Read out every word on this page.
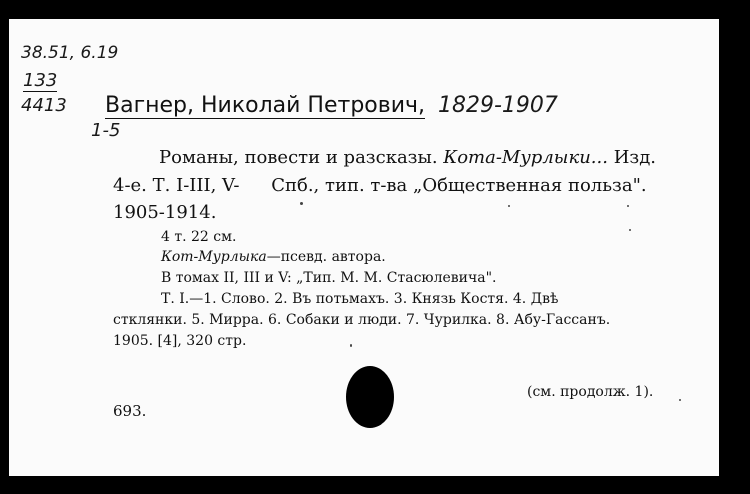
38.51, 6.19
133
4413
1-5
Вагнер, Николай Петрович, 1829-1907
Романы, повести и разсказы. Кота-Мурлыки... Изд.
4-е. Т. I-III, V- Спб., тип. т-ва „Общественная польза".
1905-1914.
4 т. 22 см.
Кот-Мурлыка—псевд. автора.
В томах II, III и V: „Тип. М. М. Стасюлевича".
Т. I.—1. Слово. 2. Въ потьмахъ. 3. Князь Костя. 4. Двѣ
стклянки. 5. Мирра. 6. Собаки и люди. 7. Чурилка. 8. Абу-Гассанъ.
1905. [4], 320 стр.
(см. продолж. 1).
693.
